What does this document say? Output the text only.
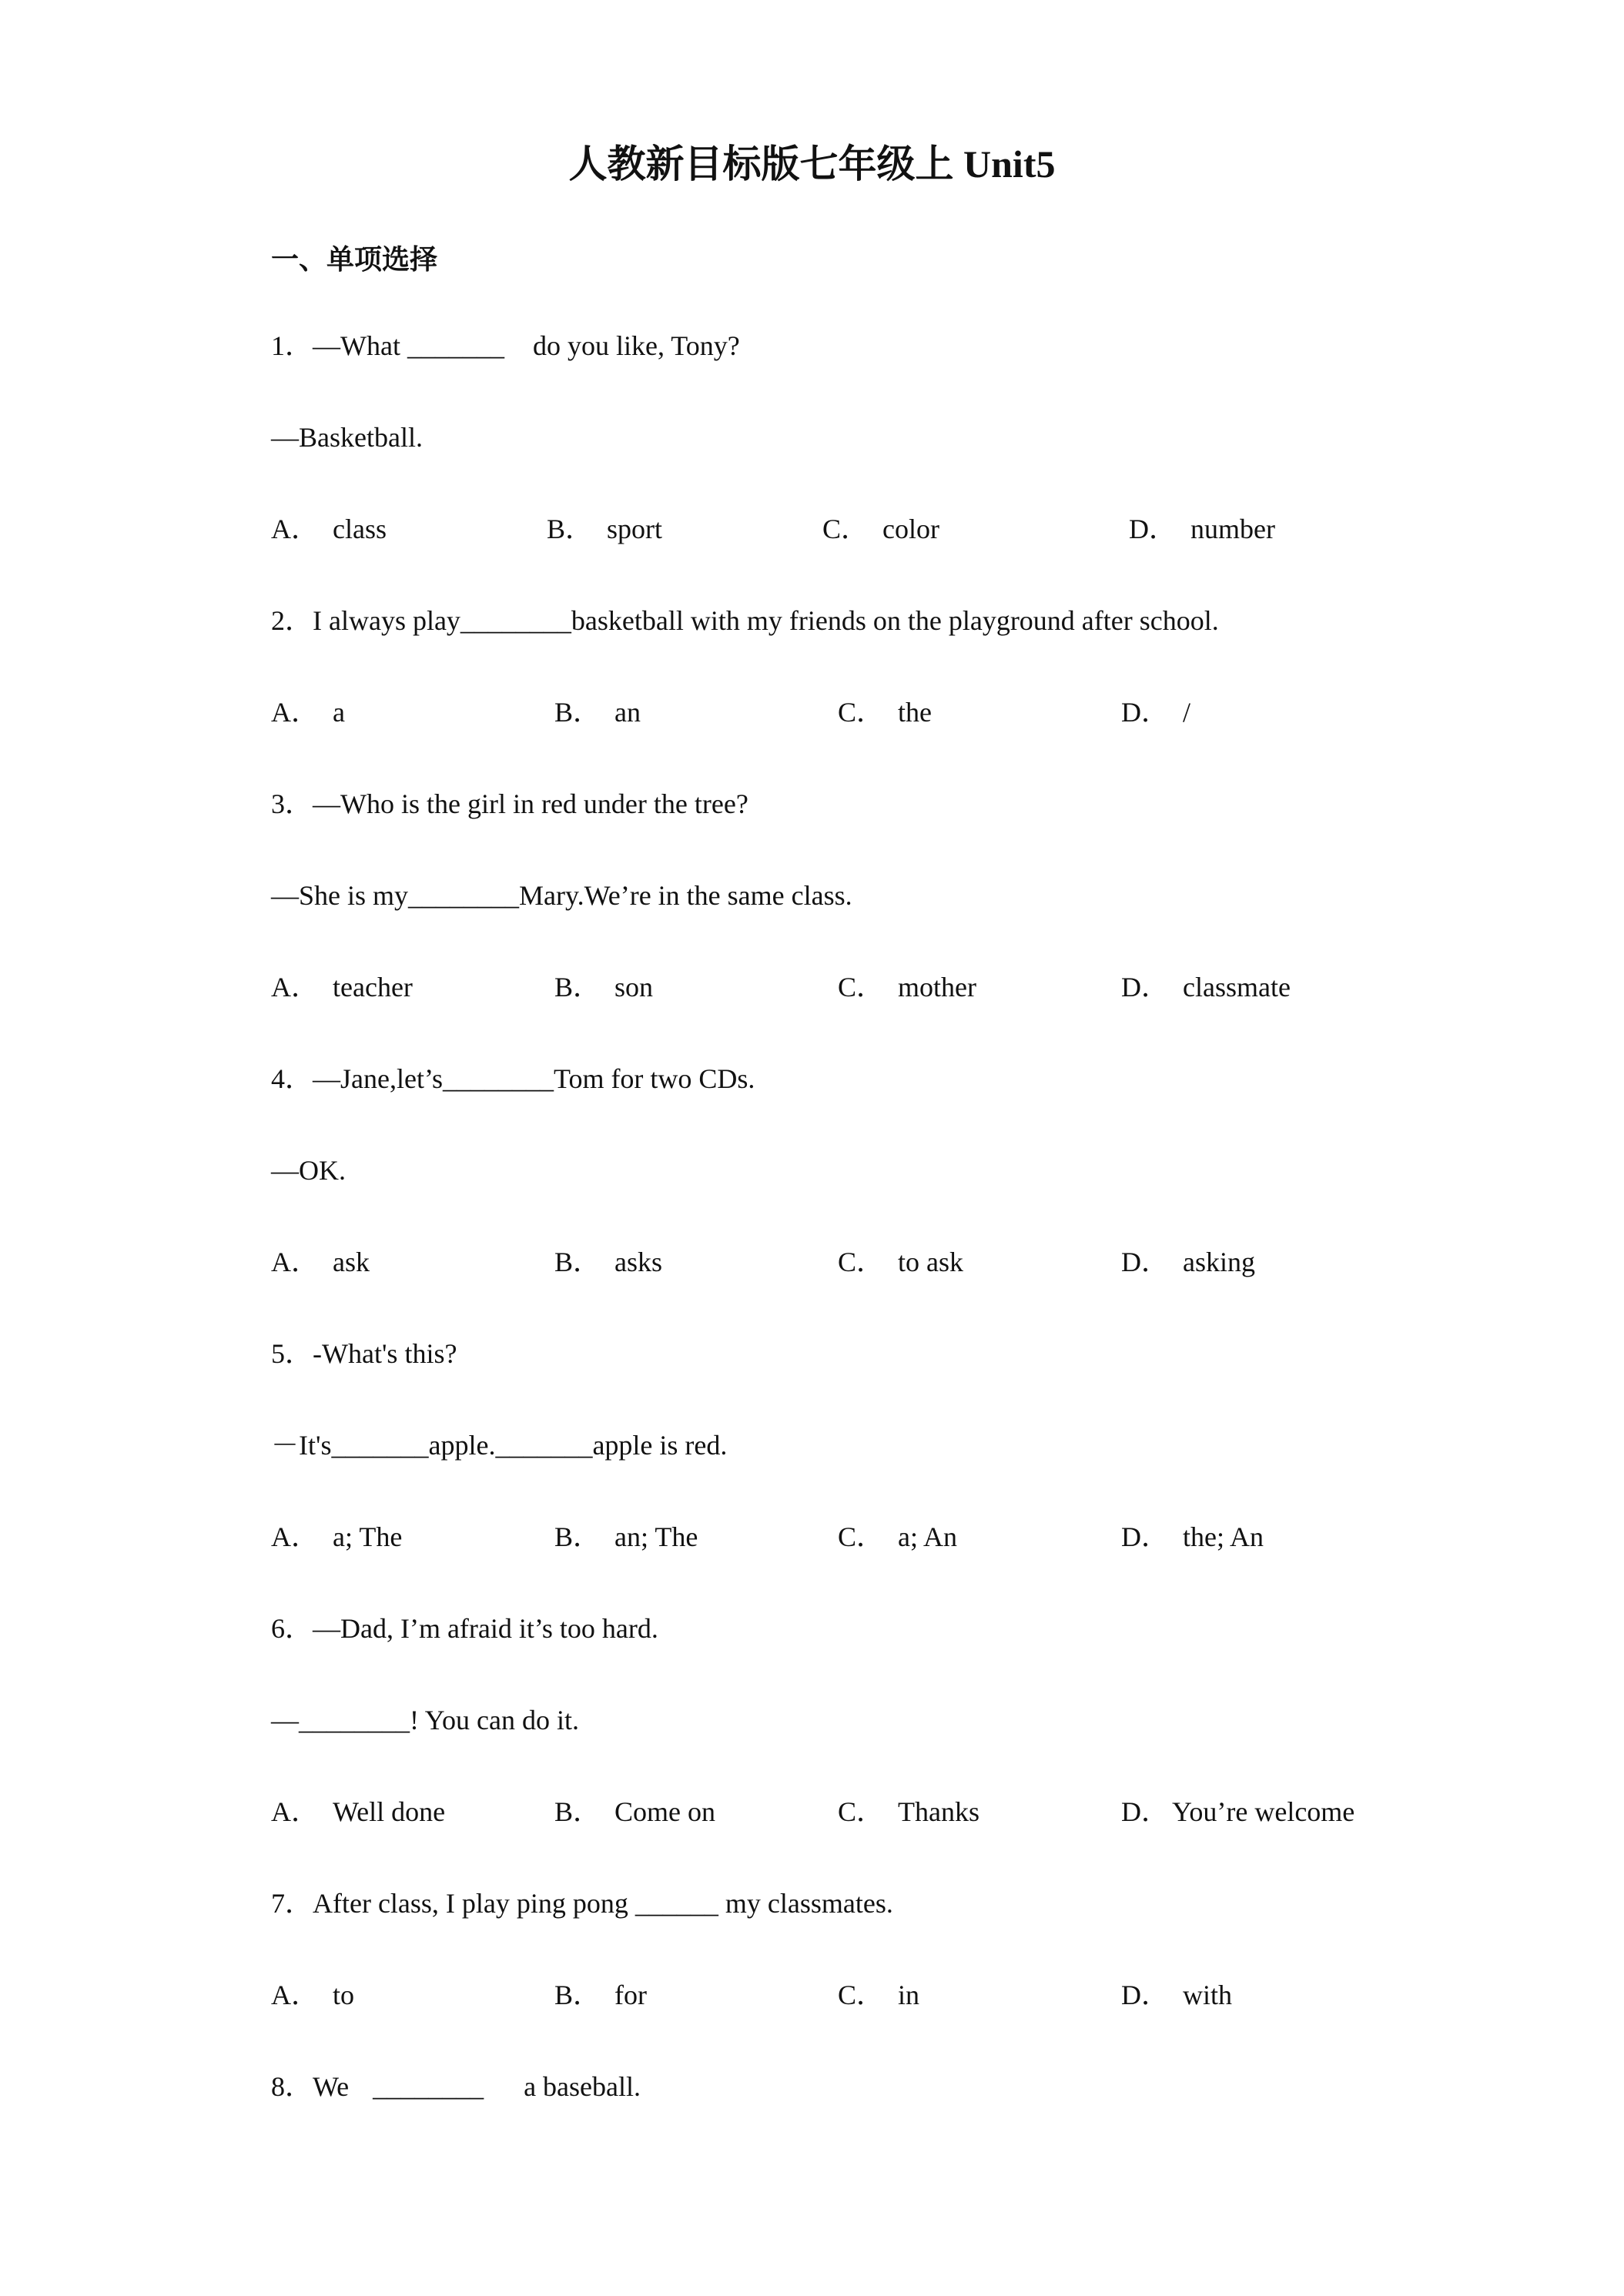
人教新目标版七年级上 Unit5
一、单项选择
1．—What _______ do you like, Tony?
—Basketball.
A． class	B． sport	C． color	D． number
2．I always play________basketball with my friends on the playground after school.
A． a	B． an	C． the	D． /
3．—Who is the girl in red under the tree?
—She is my________Mary.We’re in the same class.
A． teacher	B． son	C． mother	D． classmate
4．—Jane,let’s________Tom for two CDs.
—OK.
A． ask	B． asks	C． to ask	D． asking
5．-What's this?
－It's_______apple._______apple is red.
A． a; The	B． an; The	C． a; An	D． the; An
6．—Dad, I’m afraid it’s too hard.
—________! You can do it.
A． Well done	B． Come on	C． Thanks	D． You’re welcome
7．After class, I play ping pong ______ my classmates.
A． to	B． for	C． in	D． with
8．We ________ a baseball.
